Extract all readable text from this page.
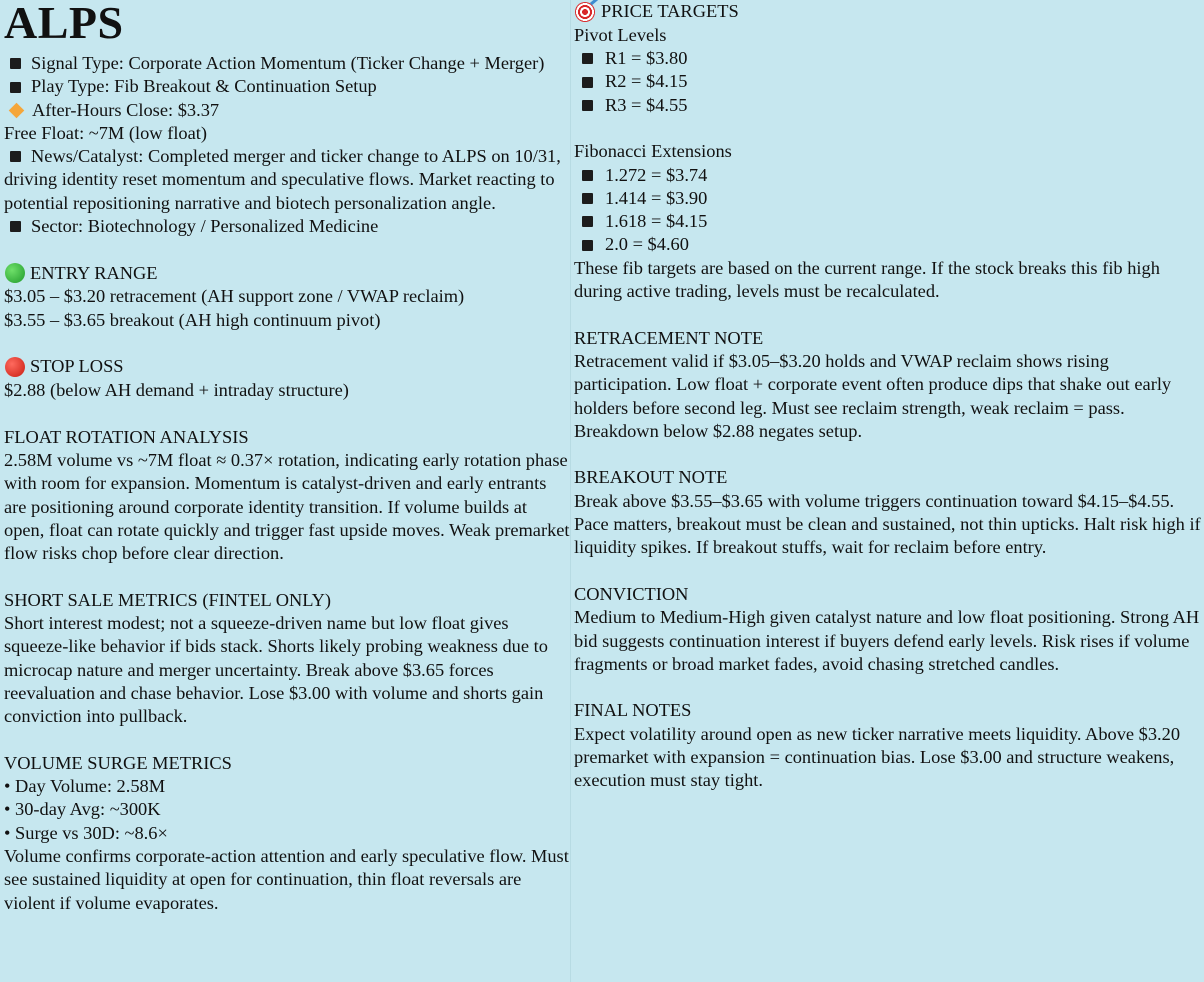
ALPS

Signal Type: Corporate Action Momentum (Ticker Change + Merger)

Play Type: Fib Breakout & Continuation Setup

After-Hours Close: $3.37

Free Float: ~7M (low float)

News/Catalyst: Completed merger and ticker change to ALPS on 10/31, driving identity reset momentum and speculative flows. Market reacting to potential repositioning narrative and biotech personalization angle.

Sector: Biotechnology / Personalized Medicine

ENTRY RANGE

$3.05 – $3.20 retracement (AH support zone / VWAP reclaim)

$3.55 – $3.65 breakout (AH high continuum pivot)

STOP LOSS

$2.88 (below AH demand + intraday structure)

FLOAT ROTATION ANALYSIS

2.58M volume vs ~7M float ≈ 0.37× rotation, indicating early rotation phase with room for expansion. Momentum is catalyst-driven and early entrants are positioning around corporate identity transition. If volume builds at open, float can rotate quickly and trigger fast upside moves. Weak premarket flow risks chop before clear direction.

SHORT SALE METRICS (FINTEL ONLY)

Short interest modest; not a squeeze-driven name but low float gives squeeze-like behavior if bids stack. Shorts likely probing weakness due to microcap nature and merger uncertainty. Break above $3.65 forces reevaluation and chase behavior. Lose $3.00 with volume and shorts gain conviction into pullback.

VOLUME SURGE METRICS

• Day Volume: 2.58M

• 30-day Avg: ~300K

• Surge vs 30D: ~8.6×

Volume confirms corporate-action attention and early speculative flow. Must see sustained liquidity at open for continuation, thin float reversals are violent if volume evaporates.

PRICE TARGETS

Pivot Levels

R1 = $3.80

R2 = $4.15

R3 = $4.55

Fibonacci Extensions

1.272 = $3.74

1.414 = $3.90

1.618 = $4.15

2.0 = $4.60

These fib targets are based on the current range. If the stock breaks this fib high during active trading, levels must be recalculated.

RETRACEMENT NOTE

Retracement valid if $3.05–$3.20 holds and VWAP reclaim shows rising participation. Low float + corporate event often produce dips that shake out early holders before second leg. Must see reclaim strength, weak reclaim = pass. Breakdown below $2.88 negates setup.

BREAKOUT NOTE

Break above $3.55–$3.65 with volume triggers continuation toward $4.15–$4.55. Pace matters, breakout must be clean and sustained, not thin upticks. Halt risk high if liquidity spikes. If breakout stuffs, wait for reclaim before entry.

CONVICTION

Medium to Medium-High given catalyst nature and low float positioning. Strong AH bid suggests continuation interest if buyers defend early levels. Risk rises if volume fragments or broad market fades, avoid chasing stretched candles.

FINAL NOTES

Expect volatility around open as new ticker narrative meets liquidity. Above $3.20 premarket with expansion = continuation bias. Lose $3.00 and structure weakens, execution must stay tight.
